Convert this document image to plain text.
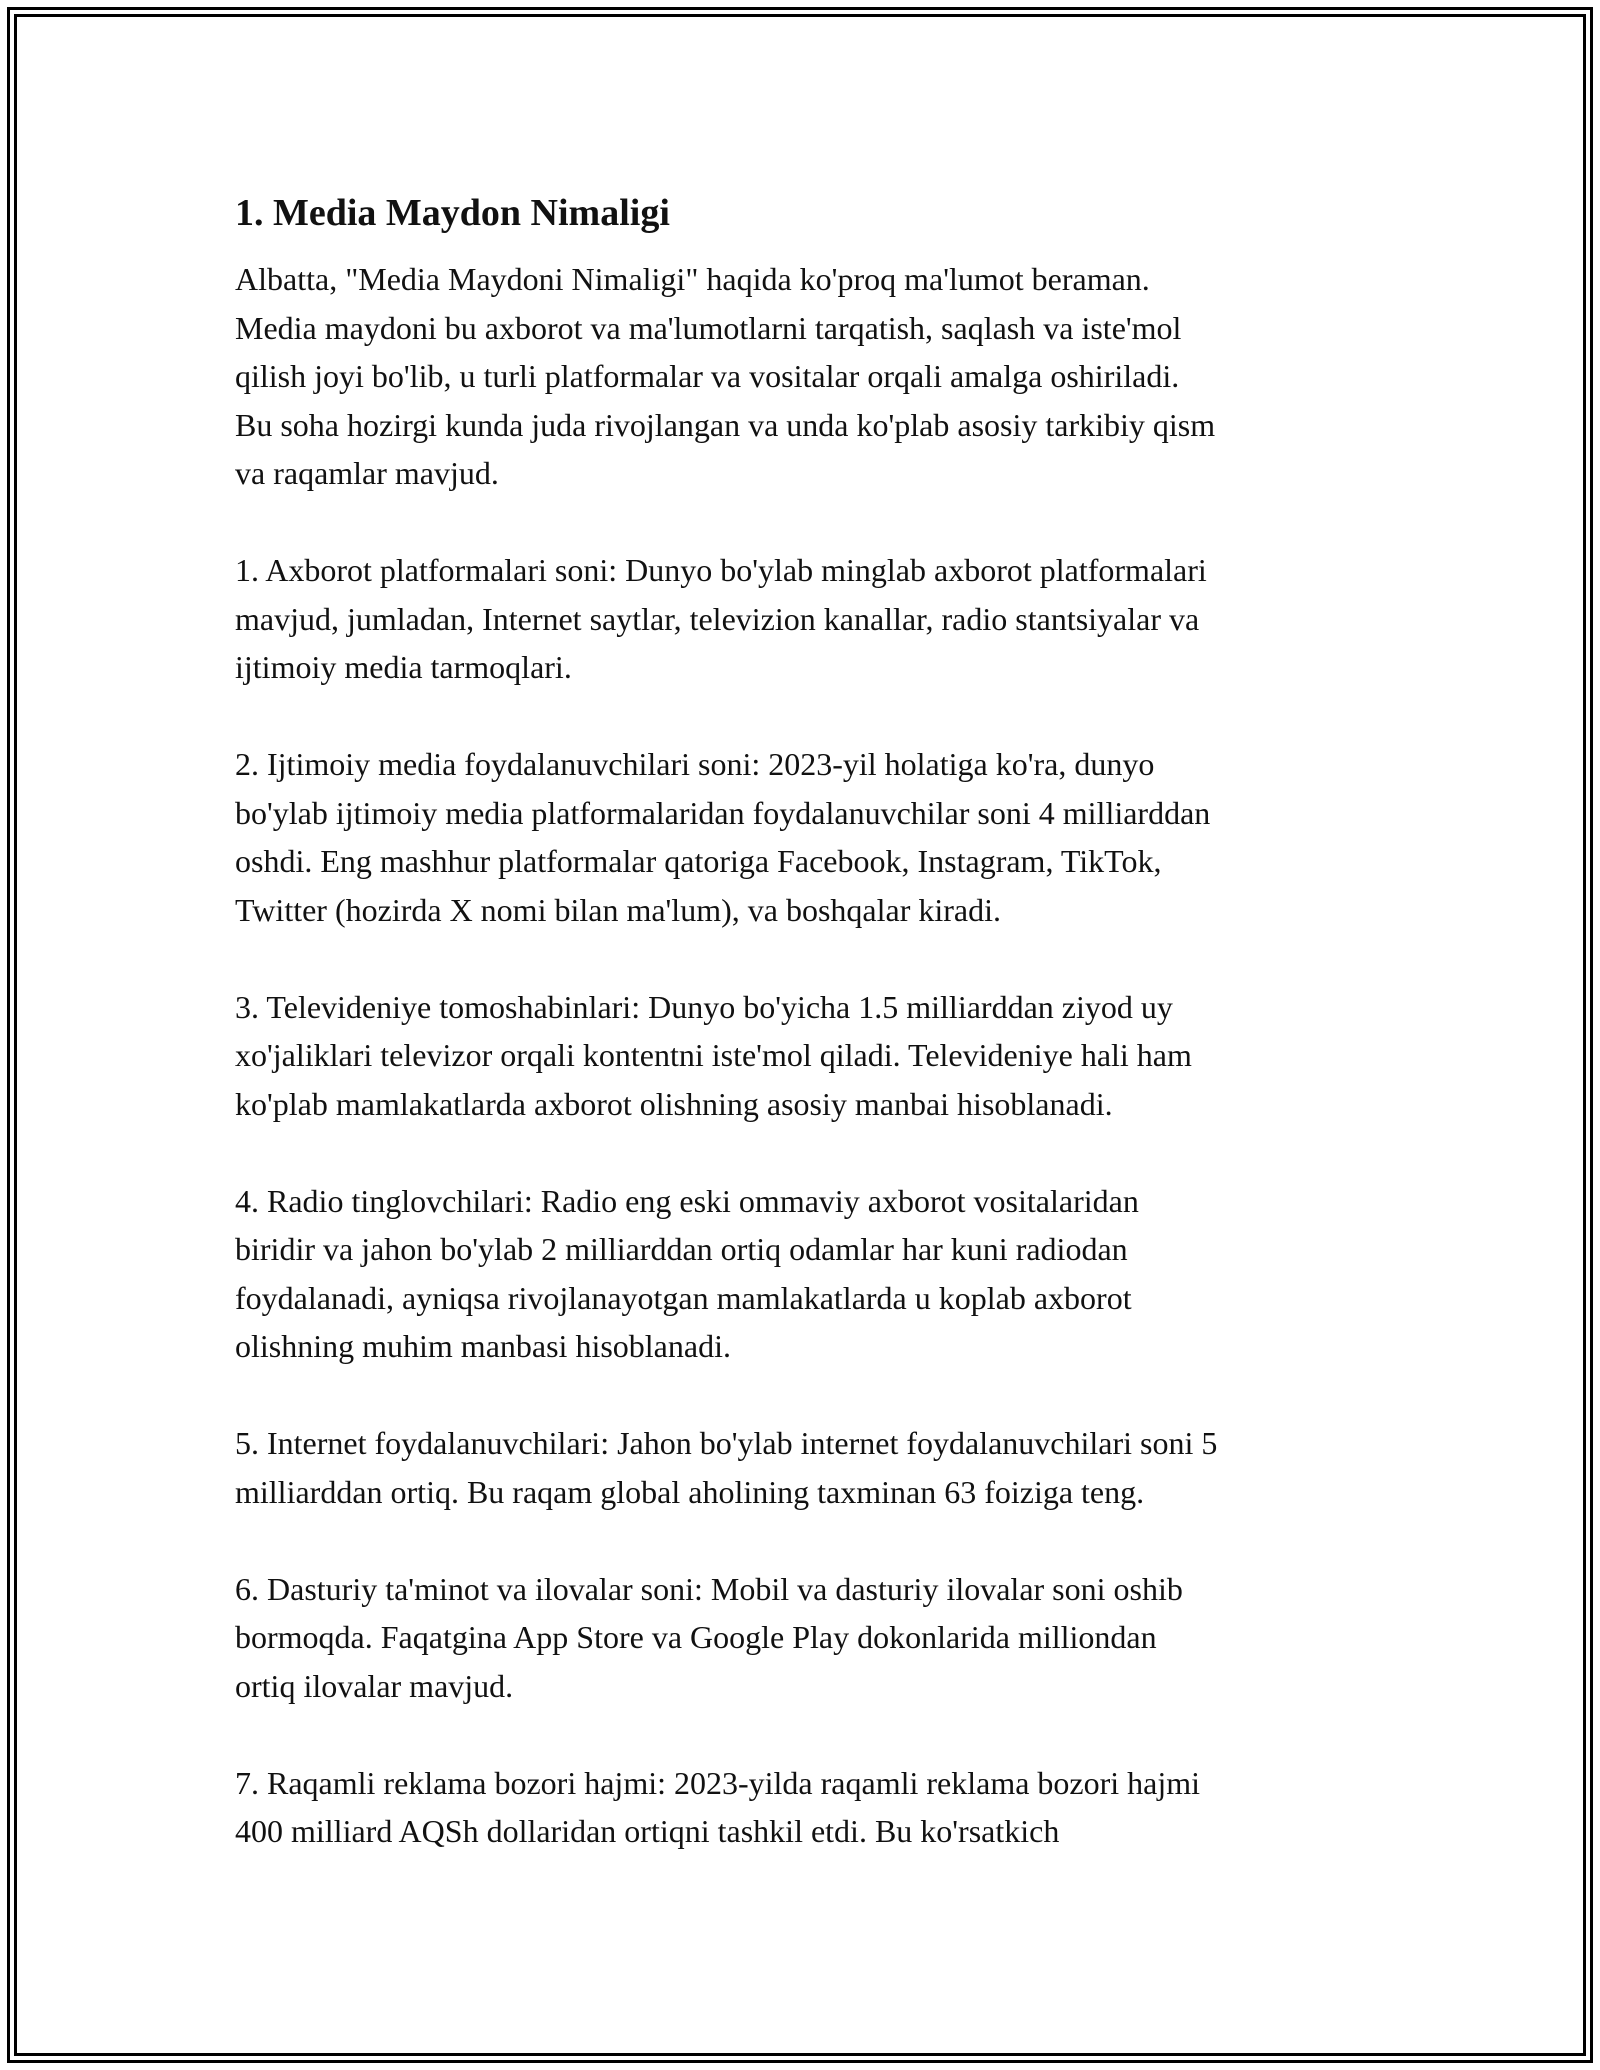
1. Media Maydon Nimaligi

Albatta, "Media Maydoni Nimaligi" haqida ko'proq ma'lumot beraman.
Media maydoni bu axborot va ma'lumotlarni tarqatish, saqlash va iste'mol
qilish joyi bo'lib, u turli platformalar va vositalar orqali amalga oshiriladi.
Bu soha hozirgi kunda juda rivojlangan va unda ko'plab asosiy tarkibiy qism
va raqamlar mavjud.

1. Axborot platformalari soni: Dunyo bo'ylab minglab axborot platformalari
mavjud, jumladan, Internet saytlar, televizion kanallar, radio stantsiyalar va
ijtimoiy media tarmoqlari.

2. Ijtimoiy media foydalanuvchilari soni: 2023-yil holatiga ko'ra, dunyo
bo'ylab ijtimoiy media platformalaridan foydalanuvchilar soni 4 milliarddan
oshdi. Eng mashhur platformalar qatoriga Facebook, Instagram, TikTok,
Twitter (hozirda X nomi bilan ma'lum), va boshqalar kiradi.

3. Televideniye tomoshabinlari: Dunyo bo'yicha 1.5 milliarddan ziyod uy
xo'jaliklari televizor orqali kontentni iste'mol qiladi. Televideniye hali ham
ko'plab mamlakatlarda axborot olishning asosiy manbai hisoblanadi.

4. Radio tinglovchilari: Radio eng eski ommaviy axborot vositalaridan
biridir va jahon bo'ylab 2 milliarddan ortiq odamlar har kuni radiodan
foydalanadi, ayniqsa rivojlanayotgan mamlakatlarda u koplab axborot
olishning muhim manbasi hisoblanadi.

5. Internet foydalanuvchilari: Jahon bo'ylab internet foydalanuvchilari soni 5
milliarddan ortiq. Bu raqam global aholining taxminan 63 foiziga teng.

6. Dasturiy ta'minot va ilovalar soni: Mobil va dasturiy ilovalar soni oshib
bormoqda. Faqatgina App Store va Google Play dokonlarida milliondan
ortiq ilovalar mavjud.

7. Raqamli reklama bozori hajmi: 2023-yilda raqamli reklama bozori hajmi
400 milliard AQSh dollaridan ortiqni tashkil etdi. Bu ko'rsatkich
